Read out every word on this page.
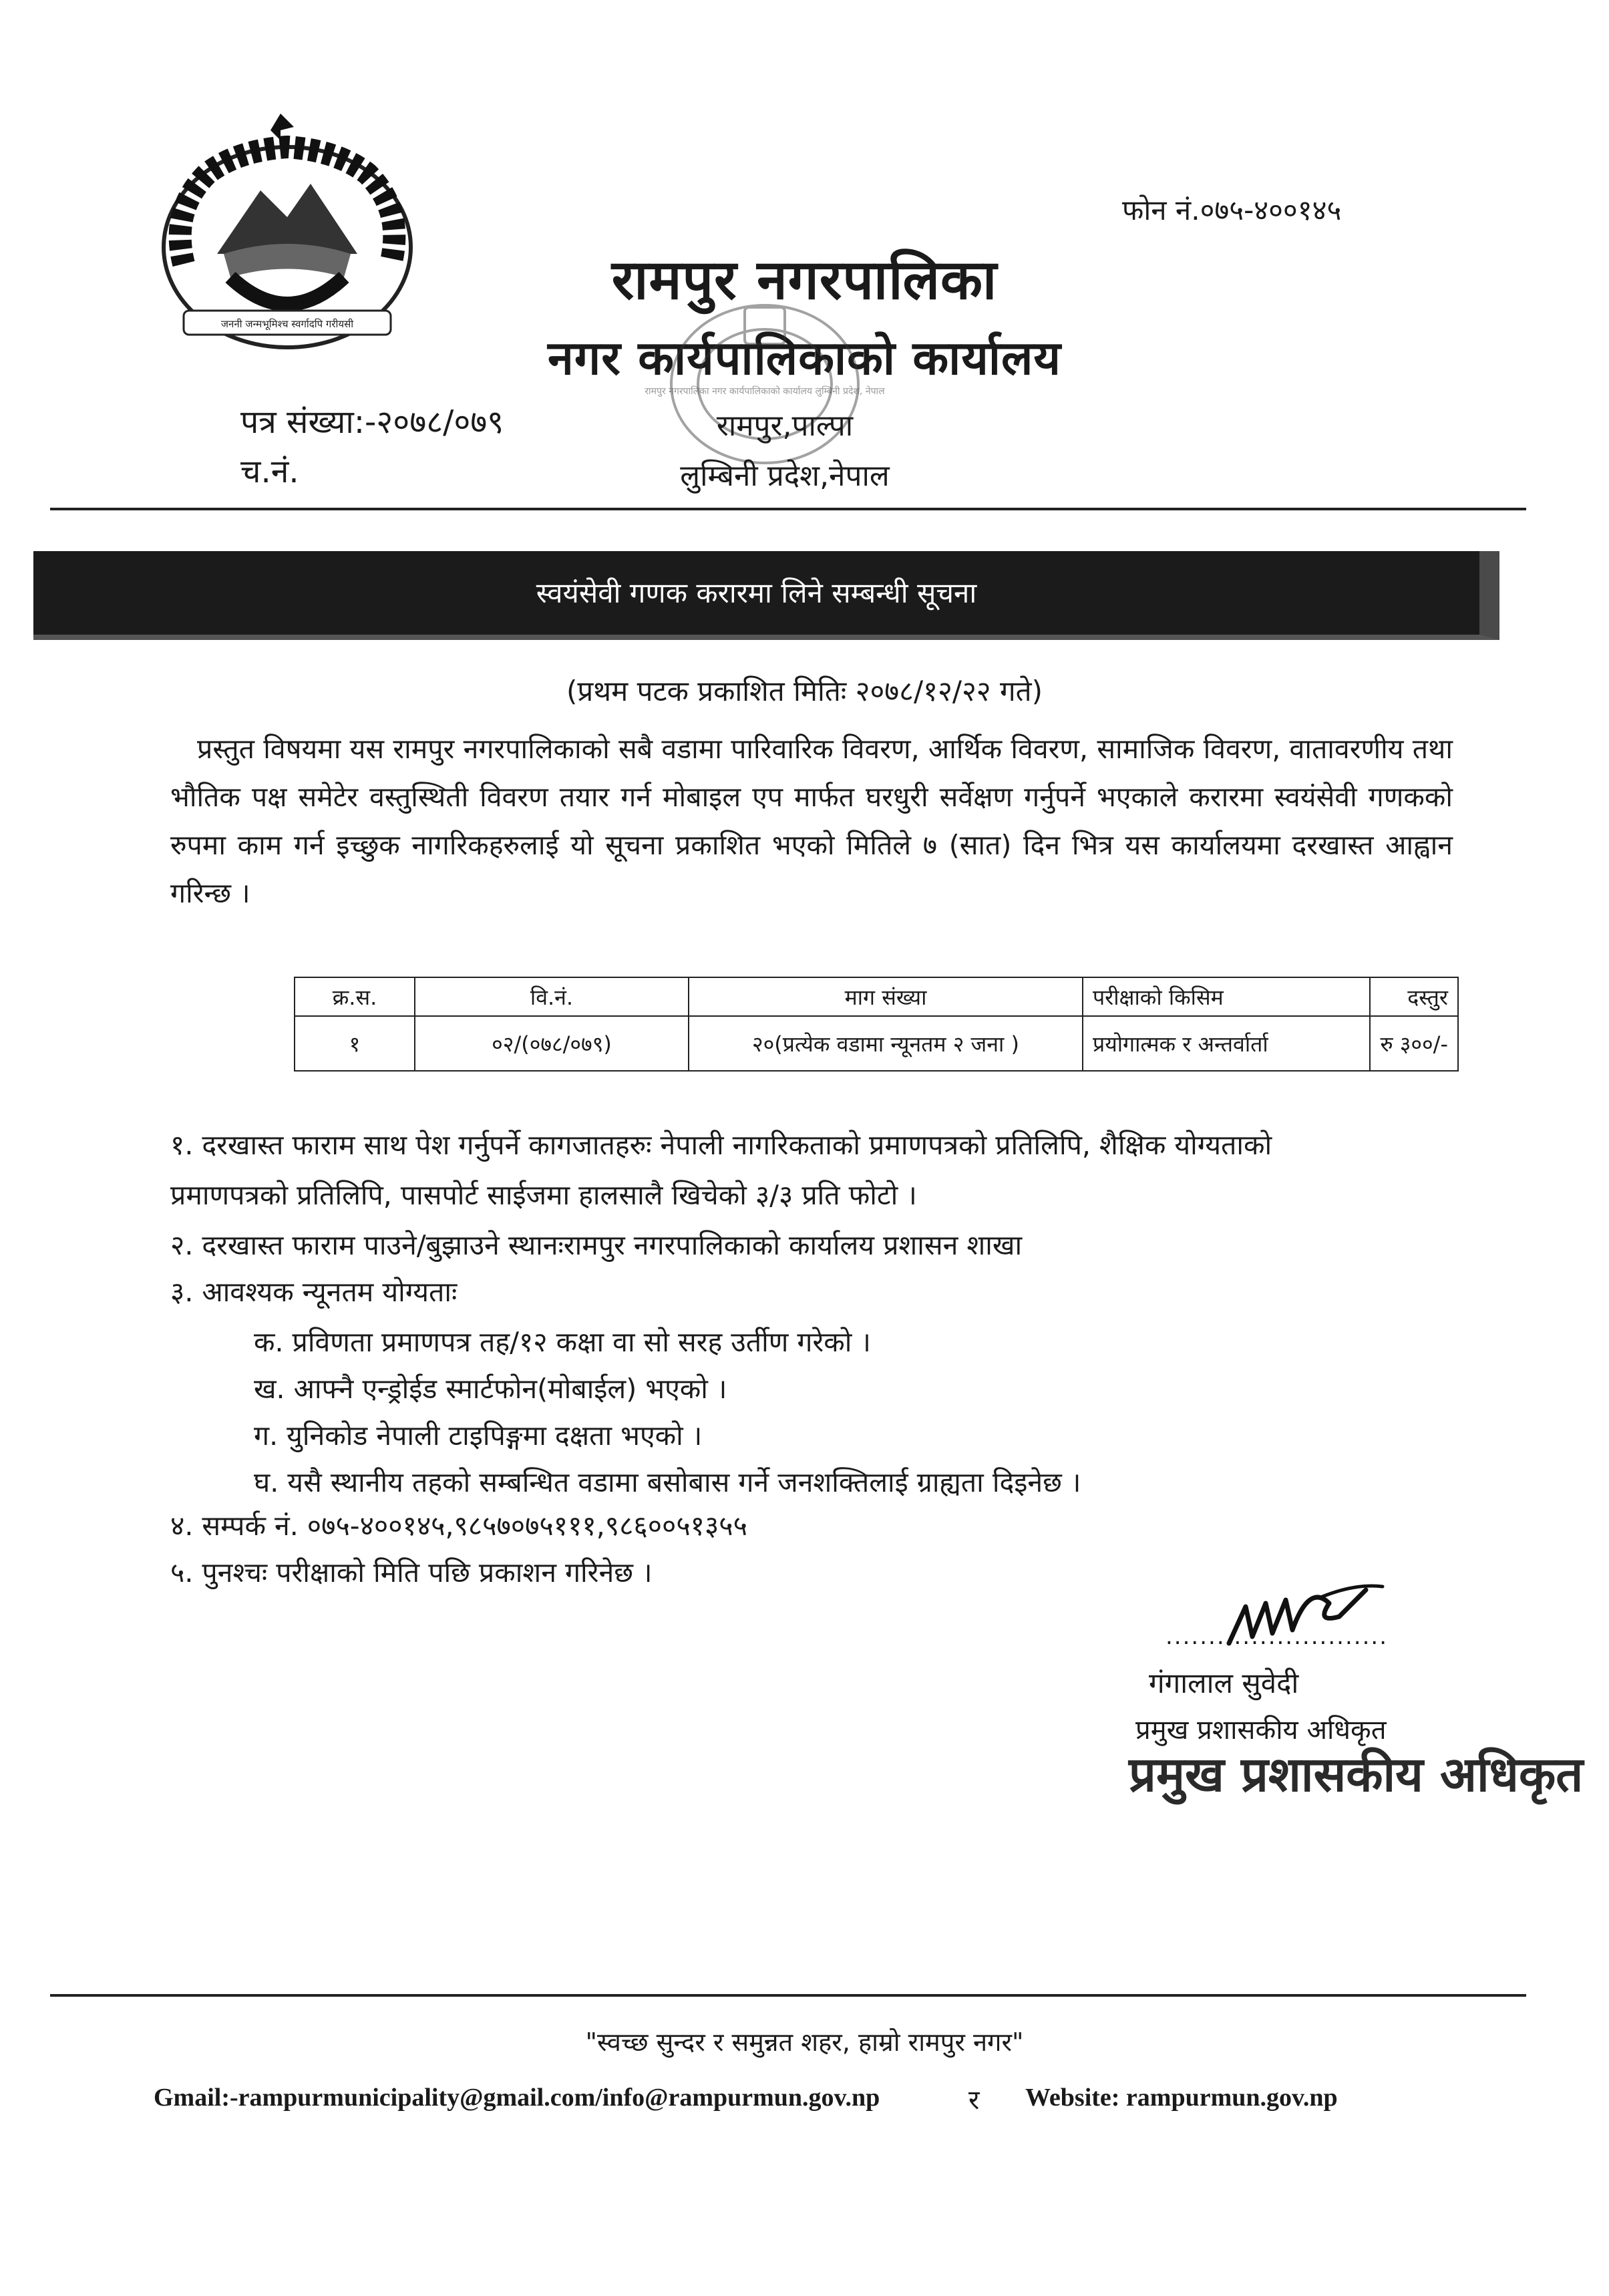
जननी जन्मभूमिश्च स्वर्गादपि गरीयसी
फोन नं.०७५-४००१४५
रामपुर नगरपालिका
नगर कार्यपालिकाको कार्यालय
रामपुर नगरपालिका नगर कार्यपालिकाको कार्यालय लुम्बिनी प्रदेश, नेपाल
पत्र संख्या:-२०७८/०७९
च.नं.
रामपुर,पाल्पा
लुम्बिनी प्रदेश,नेपाल
स्वयंसेवी गणक करारमा लिने सम्बन्धी सूचना
(प्रथम पटक प्रकाशित मितिः २०७८/१२/२२ गते)
प्रस्तुत विषयमा यस रामपुर नगरपालिकाको सबै वडामा पारिवारिक विवरण, आर्थिक विवरण, सामाजिक विवरण, वातावरणीय तथा भौतिक पक्ष समेटेर वस्तुस्थिती विवरण तयार गर्न मोबाइल एप मार्फत घरधुरी सर्वेक्षण गर्नुपर्ने भएकाले करारमा स्वयंसेवी गणकको रुपमा काम गर्न इच्छुक नागरिकहरुलाई यो सूचना प्रकाशित भएको मितिले ७ (सात) दिन भित्र यस कार्यालयमा दरखास्त आह्वान गरिन्छ ।
क्र.स.	वि.नं.	माग संख्या	परीक्षाको किसिम	दस्तुर
१	०२/(०७८/०७९)	२०(प्रत्येक वडामा न्यूनतम २ जना )	प्रयोगात्मक र अन्तर्वार्ता	रु ३००/-
१. दरखास्त फाराम साथ पेश गर्नुपर्ने कागजातहरुः नेपाली नागरिकताको प्रमाणपत्रको प्रतिलिपि, शैक्षिक योग्यताको
प्रमाणपत्रको प्रतिलिपि, पासपोर्ट साईजमा हालसालै खिचेको ३/३ प्रति फोटो ।
२. दरखास्त फाराम पाउने/बुझाउने स्थानःरामपुर नगरपालिकाको कार्यालय प्रशासन शाखा
३. आवश्यक न्यूनतम योग्यताः
क. प्रविणता प्रमाणपत्र तह/१२ कक्षा वा सो सरह उर्तीण गरेको ।
ख. आफ्नै एन्ड्रोईड स्मार्टफोन(मोबाईल) भएको ।
ग. युनिकोड नेपाली टाइपिङ्गमा दक्षता भएको ।
घ. यसै स्थानीय तहको सम्बन्धित वडामा बसोबास गर्ने जनशक्तिलाई ग्राह्यता दिइनेछ ।
४. सम्पर्क नं. ०७५-४००१४५,९८५७०७५१११,९८६००५१३५५
५. पुनश्चः परीक्षाको मिति पछि प्रकाशन गरिनेछ ।
..........................
गंगालाल सुवेदी
प्रमुख प्रशासकीय अधिकृत
प्रमुख प्रशासकीय अधिकृत
"स्वच्छ सुन्दर र समुन्नत शहर, हाम्रो रामपुर नगर"
Gmail:-rampurmunicipality@gmail.com/info@rampurmun.gov.np	र Website: rampurmun.gov.np
